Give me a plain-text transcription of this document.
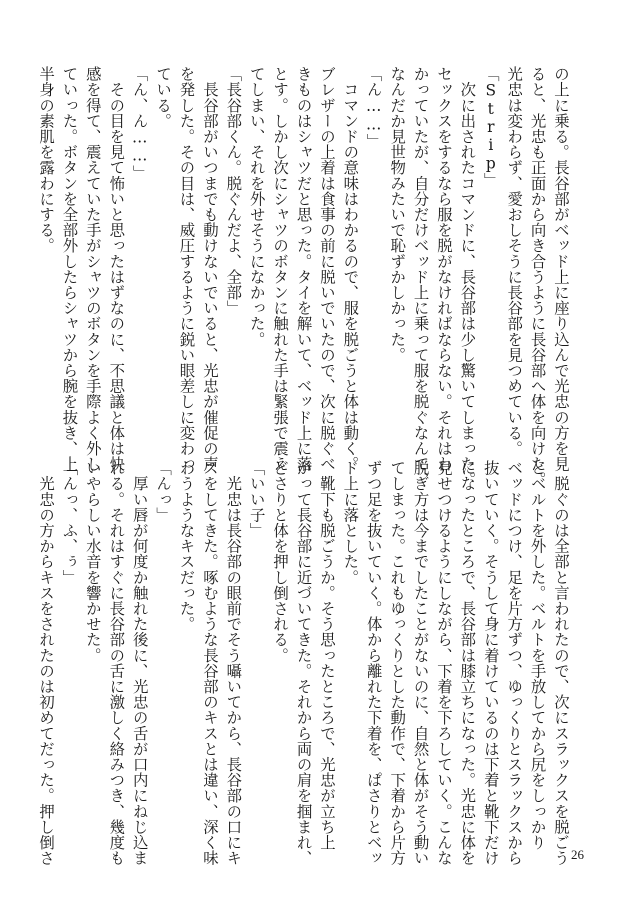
の上に乗る。長谷部がベッド上に座り込んで光忠の方を見
ると、光忠も正面から向き合うように長谷部へ体を向けた。
光忠は変わらず、愛おしそうに長谷部を見つめている。
「Strip」
　次に出されたコマンドに、長谷部は少し驚いてしまった。
セックスをするなら服を脱がなければならない。それはわ
かっていたが、自分だけベッド上に乗って服を脱ぐなんて、
なんだか見世物みたいで恥ずかしかった。
「ん……」
　コマンドの意味はわかるので、服を脱ごうと体は動く。
ブレザーの上着は食事の前に脱いでいたので、次に脱ぐべ
きものはシャツだと思った。タイを解いて、ベッド上に落
とす。しかし次にシャツのボタンに触れた手は緊張で震え
てしまい、それを外せそうになかった。
「長谷部くん。脱ぐんだよ、全部」
　長谷部がいつまでも動けないでいると、光忠が催促の声
を発した。その目は、威圧するように鋭い眼差しに変わっ
ている。
「ん、ん……」
　その目を見て怖いと思ったはずなのに、不思議と体は快
感を得て、震えていた手がシャツのボタンを手際よく外し
ていった。ボタンを全部外したらシャツから腕を抜き、上
半身の素肌を露わにする。
　脱ぐのは全部と言われたので、次にスラックスを脱ごう
とベルトを外した。ベルトを手放してから尻をしっかり
ベッドにつけ、足を片方ずつ、ゆっくりとスラックスから
抜いていく。そうして身に着けているのは下着と靴下だけ
になったところで、長谷部は膝立ちになった。光忠に体を
見せつけるようにしながら、下着を下ろしていく。こんな
脱ぎ方は今までしたことがないのに、自然と体がそう動い
てしまった。これもゆっくりとした動作で、下着から片方
ずつ足を抜いていく。体から離れた下着を、ぱさりとベッ
ド上に落とした。
　靴下も脱ごうか。そう思ったところで、光忠が立ち上
がって長谷部に近づいてきた。それから両の肩を掴まれ、
どさりと体を押し倒される。
「いい子」
　光忠は長谷部の眼前でそう囁いてから、長谷部の口にキ
スをしてきた。啄むような長谷部のキスとは違い、深く味
わうようなキスだった。
「んっ」
　厚い唇が何度か触れた後に、光忠の舌が口内にねじ込ま
れる。それはすぐに長谷部の舌に激しく絡みつき、幾度も
いやらしい水音を響かせた。
「んっ、ふ、ぅ」
　光忠の方からキスをされたのは初めてだった。押し倒さ	26
